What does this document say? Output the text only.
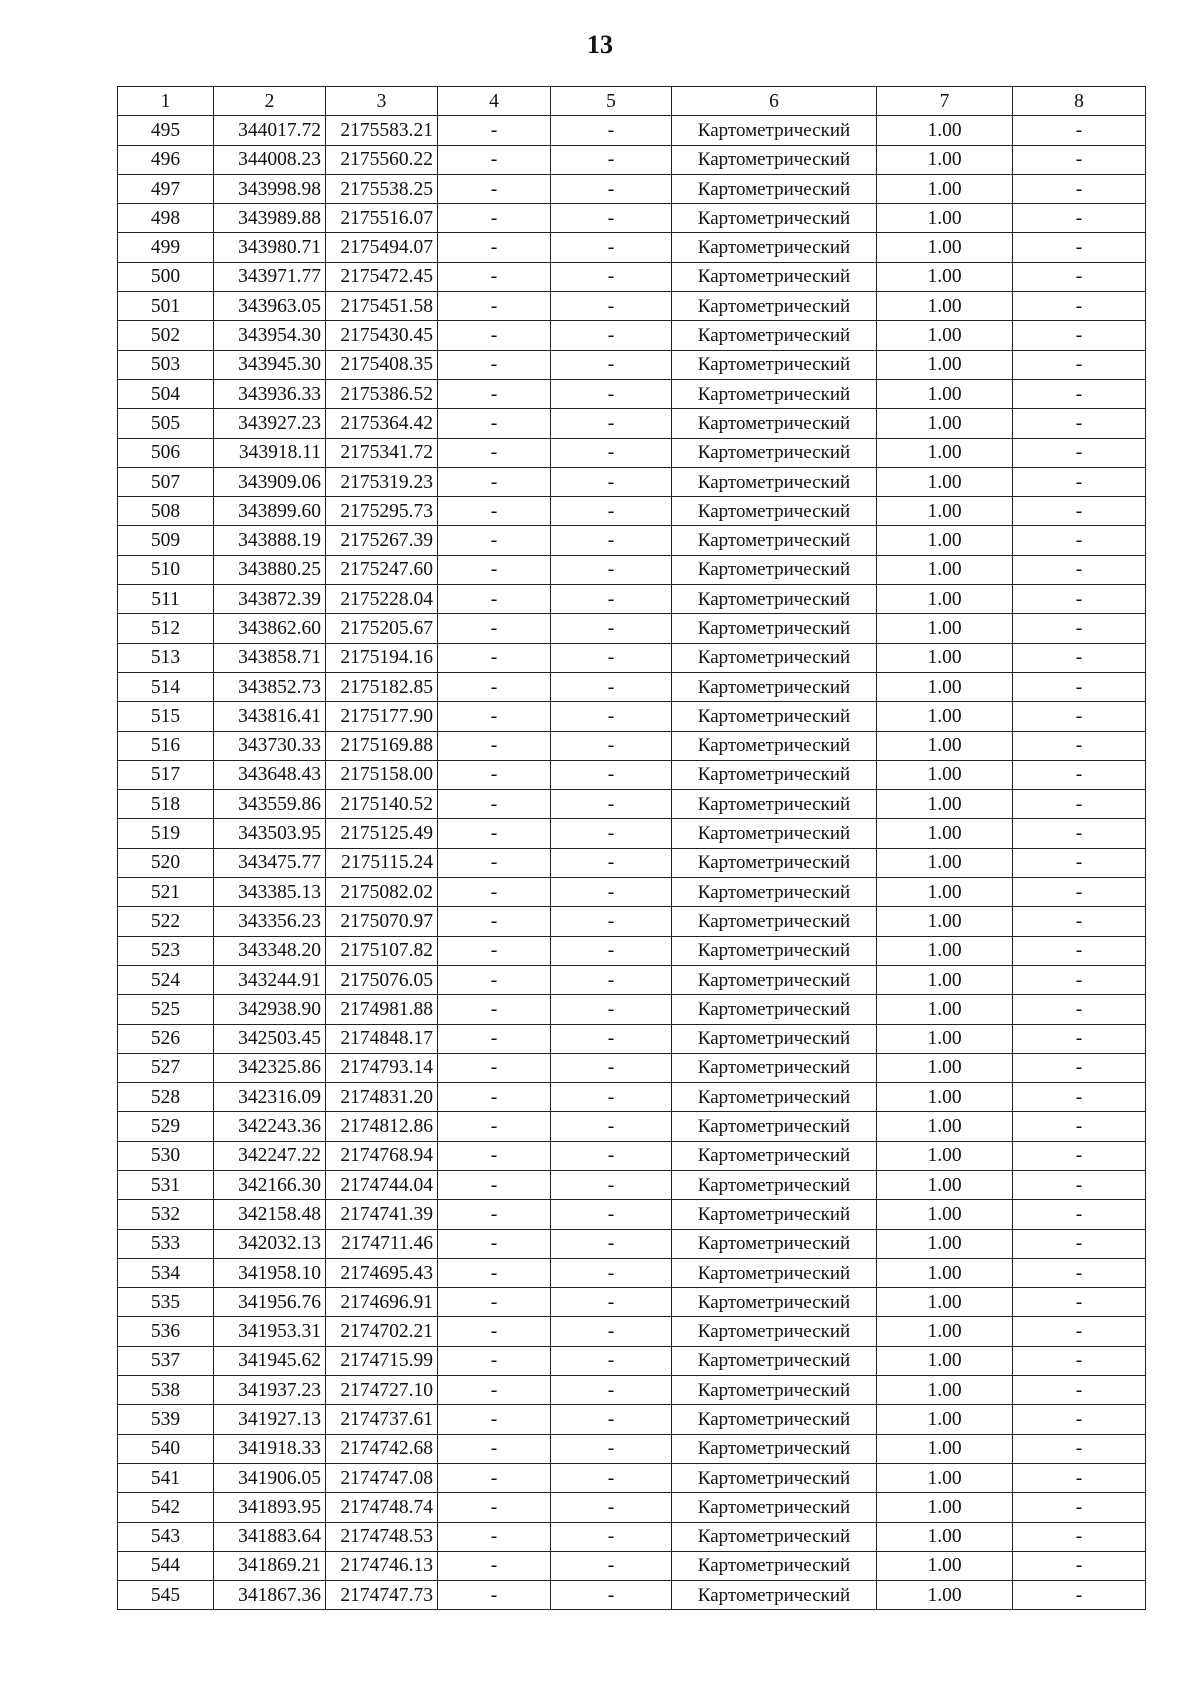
13
1	2	3	4	5	6	7	8
495	344017.72	2175583.21	-	-	Картометрический	1.00	-
496	344008.23	2175560.22	-	-	Картометрический	1.00	-
497	343998.98	2175538.25	-	-	Картометрический	1.00	-
498	343989.88	2175516.07	-	-	Картометрический	1.00	-
499	343980.71	2175494.07	-	-	Картометрический	1.00	-
500	343971.77	2175472.45	-	-	Картометрический	1.00	-
501	343963.05	2175451.58	-	-	Картометрический	1.00	-
502	343954.30	2175430.45	-	-	Картометрический	1.00	-
503	343945.30	2175408.35	-	-	Картометрический	1.00	-
504	343936.33	2175386.52	-	-	Картометрический	1.00	-
505	343927.23	2175364.42	-	-	Картометрический	1.00	-
506	343918.11	2175341.72	-	-	Картометрический	1.00	-
507	343909.06	2175319.23	-	-	Картометрический	1.00	-
508	343899.60	2175295.73	-	-	Картометрический	1.00	-
509	343888.19	2175267.39	-	-	Картометрический	1.00	-
510	343880.25	2175247.60	-	-	Картометрический	1.00	-
511	343872.39	2175228.04	-	-	Картометрический	1.00	-
512	343862.60	2175205.67	-	-	Картометрический	1.00	-
513	343858.71	2175194.16	-	-	Картометрический	1.00	-
514	343852.73	2175182.85	-	-	Картометрический	1.00	-
515	343816.41	2175177.90	-	-	Картометрический	1.00	-
516	343730.33	2175169.88	-	-	Картометрический	1.00	-
517	343648.43	2175158.00	-	-	Картометрический	1.00	-
518	343559.86	2175140.52	-	-	Картометрический	1.00	-
519	343503.95	2175125.49	-	-	Картометрический	1.00	-
520	343475.77	2175115.24	-	-	Картометрический	1.00	-
521	343385.13	2175082.02	-	-	Картометрический	1.00	-
522	343356.23	2175070.97	-	-	Картометрический	1.00	-
523	343348.20	2175107.82	-	-	Картометрический	1.00	-
524	343244.91	2175076.05	-	-	Картометрический	1.00	-
525	342938.90	2174981.88	-	-	Картометрический	1.00	-
526	342503.45	2174848.17	-	-	Картометрический	1.00	-
527	342325.86	2174793.14	-	-	Картометрический	1.00	-
528	342316.09	2174831.20	-	-	Картометрический	1.00	-
529	342243.36	2174812.86	-	-	Картометрический	1.00	-
530	342247.22	2174768.94	-	-	Картометрический	1.00	-
531	342166.30	2174744.04	-	-	Картометрический	1.00	-
532	342158.48	2174741.39	-	-	Картометрический	1.00	-
533	342032.13	2174711.46	-	-	Картометрический	1.00	-
534	341958.10	2174695.43	-	-	Картометрический	1.00	-
535	341956.76	2174696.91	-	-	Картометрический	1.00	-
536	341953.31	2174702.21	-	-	Картометрический	1.00	-
537	341945.62	2174715.99	-	-	Картометрический	1.00	-
538	341937.23	2174727.10	-	-	Картометрический	1.00	-
539	341927.13	2174737.61	-	-	Картометрический	1.00	-
540	341918.33	2174742.68	-	-	Картометрический	1.00	-
541	341906.05	2174747.08	-	-	Картометрический	1.00	-
542	341893.95	2174748.74	-	-	Картометрический	1.00	-
543	341883.64	2174748.53	-	-	Картометрический	1.00	-
544	341869.21	2174746.13	-	-	Картометрический	1.00	-
545	341867.36	2174747.73	-	-	Картометрический	1.00	-
